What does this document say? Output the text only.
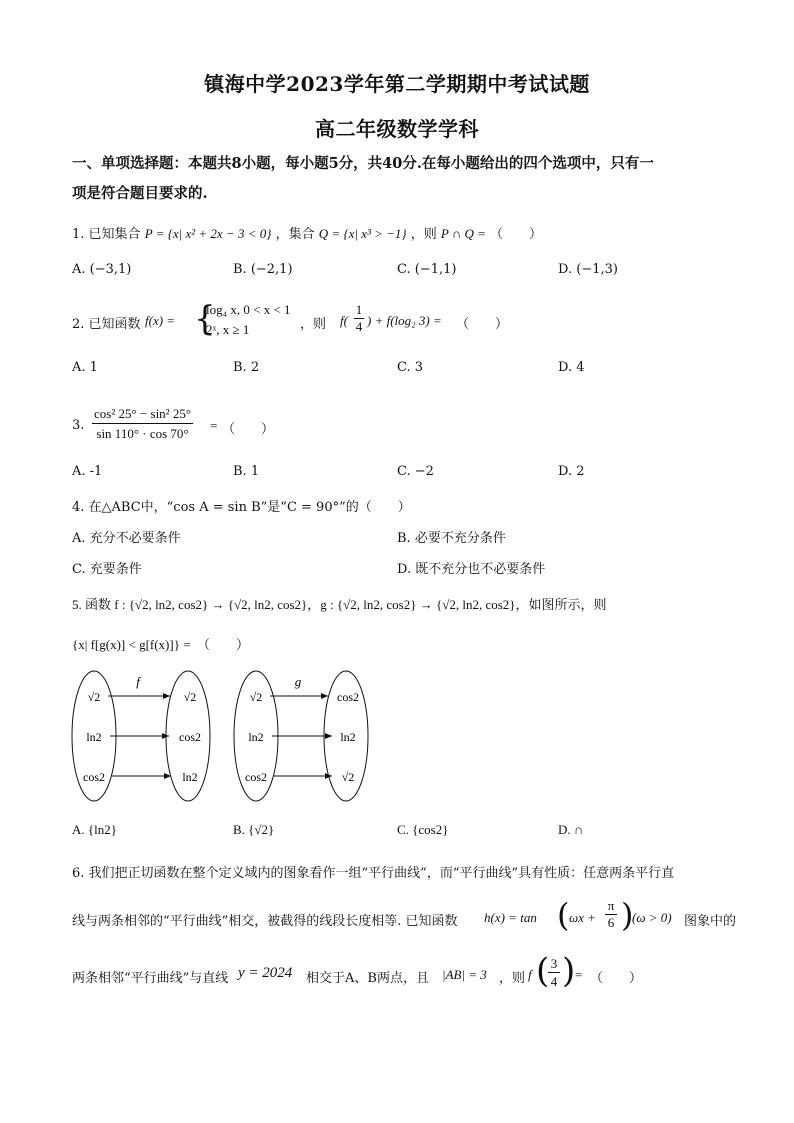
镇海中学2023学年第二学期期中考试试题
高二年级数学学科
一、单项选择题：本题共8小题，每小题5分，共40分.在每小题给出的四个选项中，只有一
项是符合题目要求的.
1. 已知集合 P = {x| x² + 2x − 3 < 0} ，集合 Q = {x| x³ > −1} ，则 P ∩ Q = （　　）
A. (−3,1)	B. (−2,1)	C. (−1,1)	D. (−1,3)
2. 已知函数 f(x) = {
log₄ x, 0 < x < 1
2ˣ, x ≥ 1	，则 f(
1
4 ) + f(log₂ 3) = （　　）
A. 1	B. 2	C. 3	D. 4
3.
cos² 25° − sin² 25°
sin 110° · cos 70°
= （　　）
A. -1	B. 1	C. −2	D. 2
4. 在△ABC中，“cos A = sin B”是“C = 90°”的（　　）
A. 充分不必要条件	B. 必要不充分条件
C. 充要条件	D. 既不充分也不必要条件
5. 函数 f : {√2, ln2, cos2} → {√2, ln2, cos2}，g : {√2, ln2, cos2} → {√2, ln2, cos2}，如图所示，则
{x| f[g(x)] < g[f(x)]} =　（　　）
f
√2
ln2
cos2
√2
cos2
ln2
g
√2
ln2
cos2
cos2
ln2
√2
A. {ln2}	B. {√2}	C. {cos2}	D. ∩
6. 我们把正切函数在整个定义域内的图象看作一组“平行曲线”，而“平行曲线”具有性质：任意两条平行直
线与两条相邻的“平行曲线”相交，被截得的线段长度相等. 已知函数 h(x) = tan ( ωx +
π
6 )
(ω > 0) 图象中的
两条相邻“平行曲线”与直线 y = 2024 相交于A、B两点，且 |AB| = 3 ，则 f ( 3
4 ) = （　　）
